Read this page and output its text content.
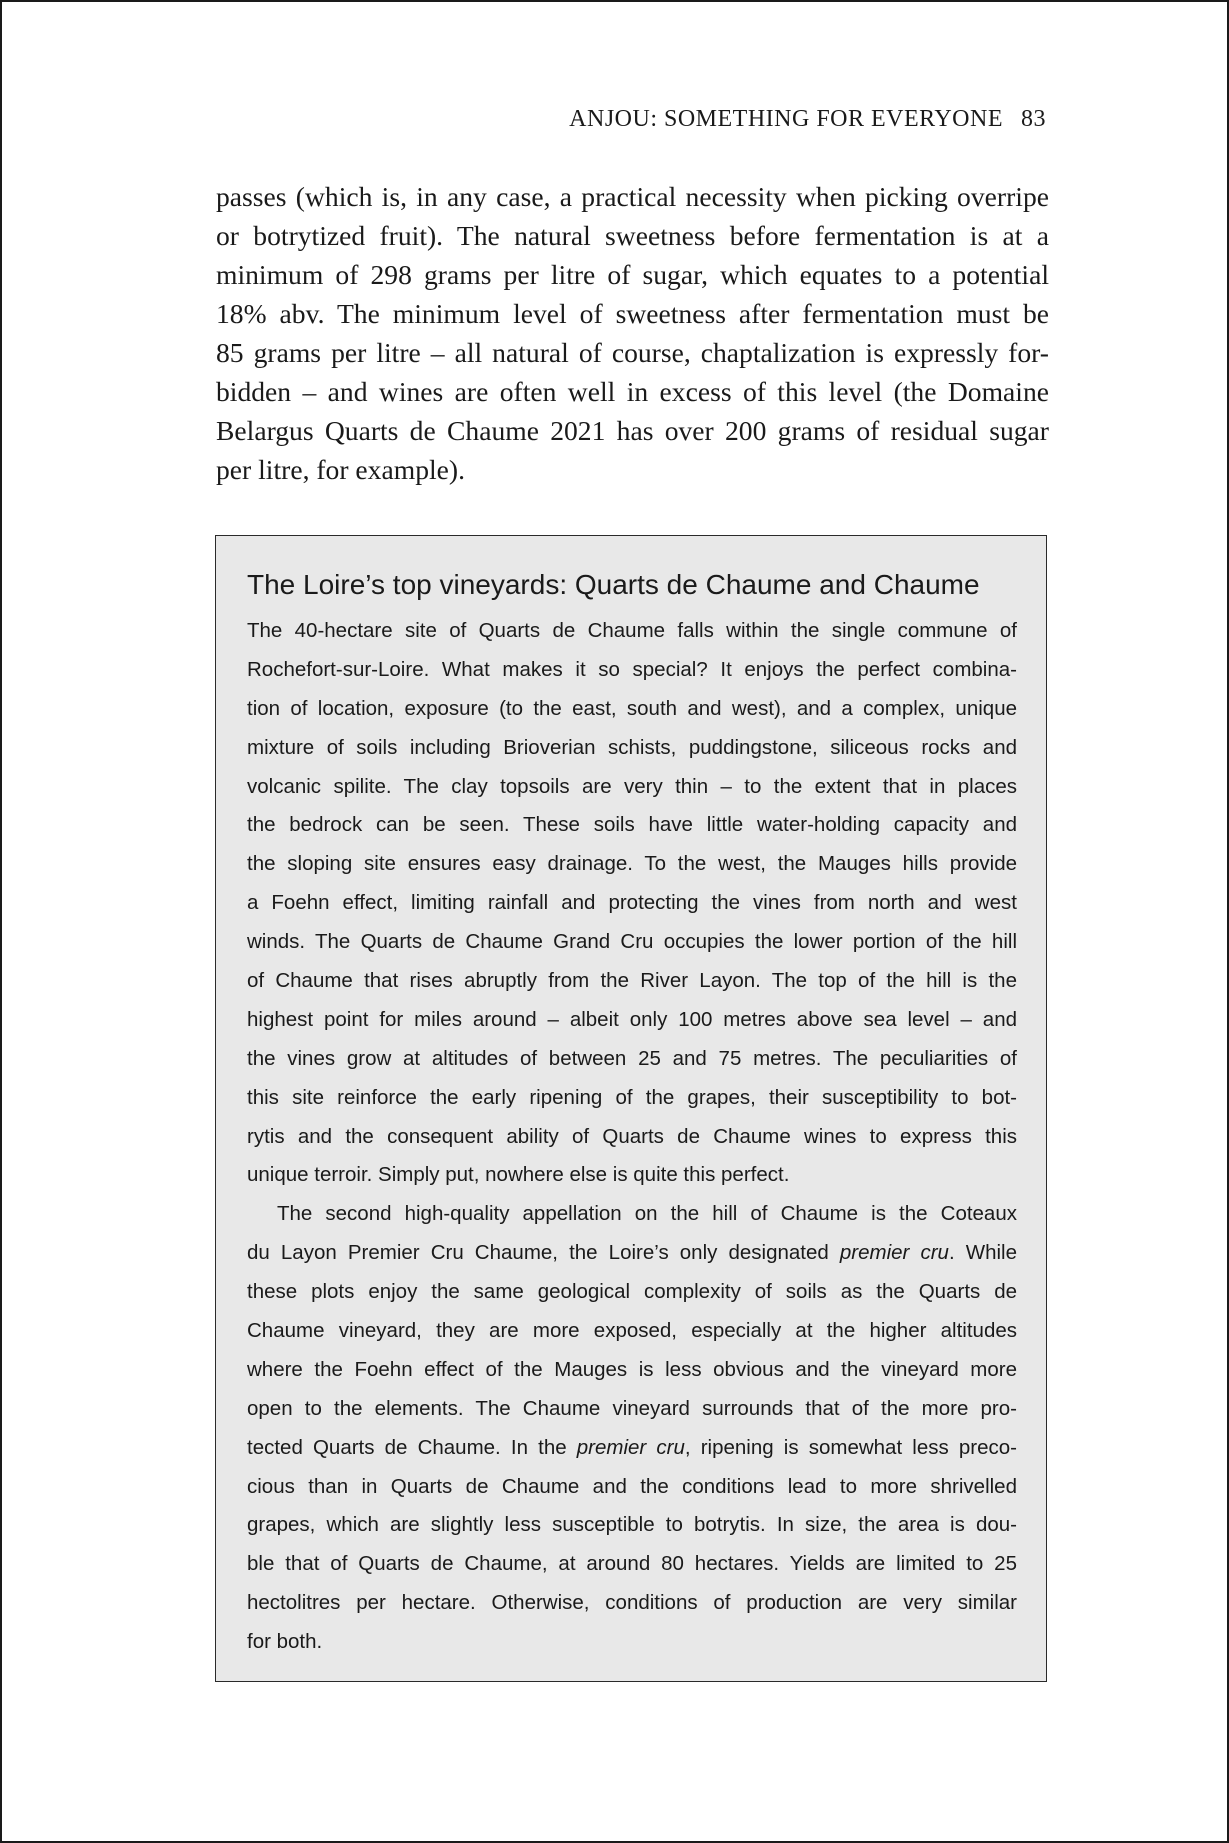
ANJOU: SOMETHING FOR EVERYONE 83
passes (which is, in any case, a practical necessity when picking overripe
or botrytized fruit). The natural sweetness before fermentation is at a
minimum of 298 grams per litre of sugar, which equates to a potential
18% abv. The minimum level of sweetness after fermentation must be
85 grams per litre – all natural of course, chaptalization is expressly for-
bidden – and wines are often well in excess of this level (the Domaine
Belargus Quarts de Chaume 2021 has over 200 grams of residual sugar
per litre, for example).
The Loire’s top vineyards: Quarts de Chaume and Chaume
The 40-hectare site of Quarts de Chaume falls within the single commune of
Rochefort-sur-Loire. What makes it so special? It enjoys the perfect combina-
tion of location, exposure (to the east, south and west), and a complex, unique
mixture of soils including Brioverian schists, puddingstone, siliceous rocks and
volcanic spilite. The clay topsoils are very thin – to the extent that in places
the bedrock can be seen. These soils have little water-holding capacity and
the sloping site ensures easy drainage. To the west, the Mauges hills provide
a Foehn effect, limiting rainfall and protecting the vines from north and west
winds. The Quarts de Chaume Grand Cru occupies the lower portion of the hill
of Chaume that rises abruptly from the River Layon. The top of the hill is the
highest point for miles around – albeit only 100 metres above sea level – and
the vines grow at altitudes of between 25 and 75 metres. The peculiarities of
this site reinforce the early ripening of the grapes, their susceptibility to bot-
rytis and the consequent ability of Quarts de Chaume wines to express this
unique terroir. Simply put, nowhere else is quite this perfect.
The second high-quality appellation on the hill of Chaume is the Coteaux
du Layon Premier Cru Chaume, the Loire’s only designated premier cru. While
these plots enjoy the same geological complexity of soils as the Quarts de
Chaume vineyard, they are more exposed, especially at the higher altitudes
where the Foehn effect of the Mauges is less obvious and the vineyard more
open to the elements. The Chaume vineyard surrounds that of the more pro-
tected Quarts de Chaume. In the premier cru, ripening is somewhat less preco-
cious than in Quarts de Chaume and the conditions lead to more shrivelled
grapes, which are slightly less susceptible to botrytis. In size, the area is dou-
ble that of Quarts de Chaume, at around 80 hectares. Yields are limited to 25
hectolitres per hectare. Otherwise, conditions of production are very similar
for both.
